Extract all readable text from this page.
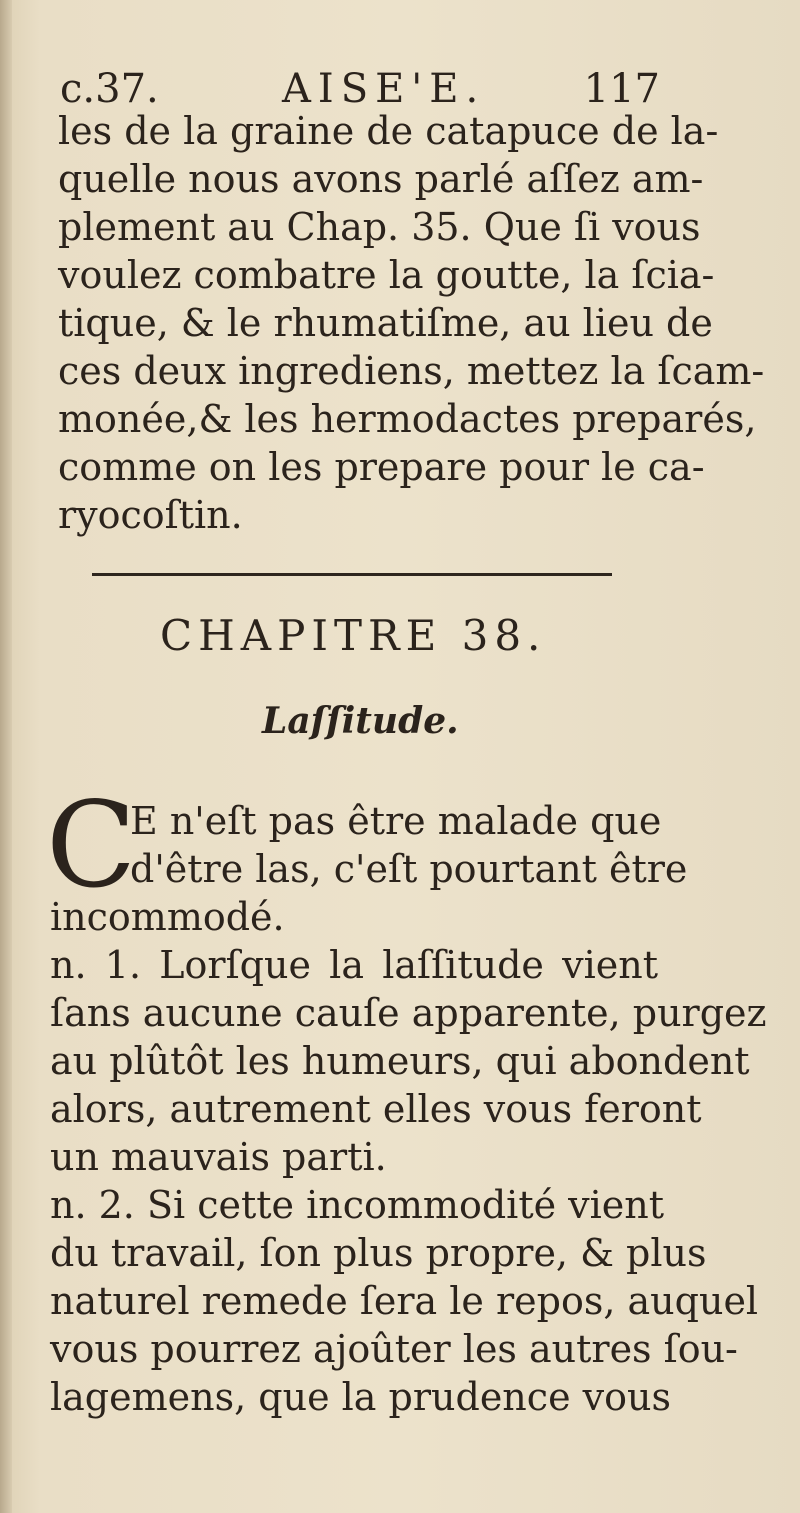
c.37.	AISE'E. 117
les de la graine de catapuce de la-
quelle nous avons parlé aſſez am-
plement au Chap. 35. Que ſi vous
voulez combatre la goutte, la ſcia-
tique, & le rhumatiſme, au lieu de
ces deux ingrediens, mettez la ſcam-
monée,& les hermodactes preparés,
comme on les prepare pour le ca-
ryocoſtin.
CHAPITRE 38.
Laſſitude.
C
E n'eſt pas être malade que
d'être las, c'eſt pourtant être
incommodé.
n. 1. Lorſque la laſſitude vient
ſans aucune cauſe apparente, purgez
au plûtôt les humeurs, qui abondent
alors, autrement elles vous feront
un mauvais parti.
n. 2. Si cette incommodité vient
du travail, ſon plus propre, & plus
naturel remede ſera le repos, auquel
vous pourrez ajoûter les autres ſou-
lagemens, que la prudence vous
